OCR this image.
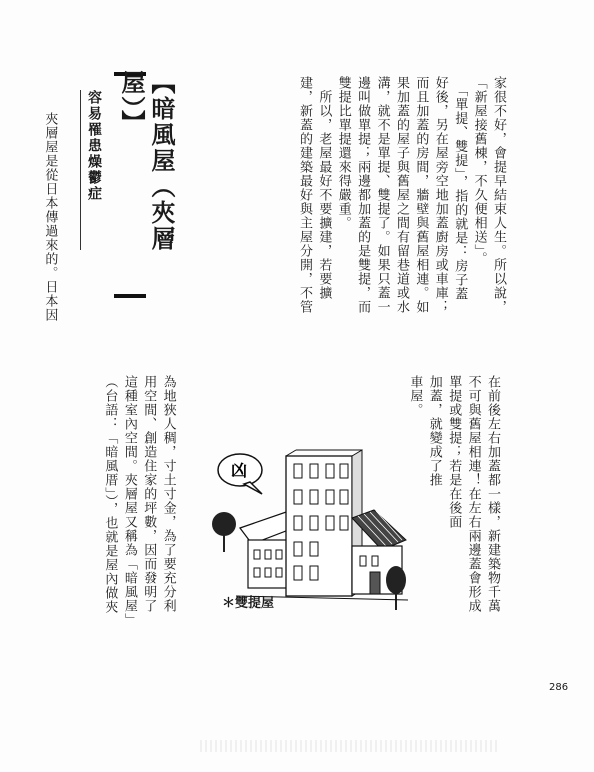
家很不好，會提早結束人生。所以說，
「新屋接舊棟，不久便相送」。
　「單提、雙提」，指的就是：房子蓋
好後，另在屋旁空地加蓋廚房或車庫；
而且加蓋的房間，牆壁與舊屋相連。如
果加蓋的屋子與舊屋之間有留巷道或水
溝，就不是單提、雙提了。如果只蓋一
邊叫做單提；兩邊都加蓋的是雙提，而
雙提比單提還來得嚴重。
　所以，老屋最好不要擴建，若要擴
建，新蓋的建築最好與主屋分開，不管
【暗風屋（夾層屋）】
容易罹患燥鬱症
夾層屋是從日本傳過來的。日本因
在前後左右加蓋都一樣，新建築物千萬
不可與舊屋相連！在左右兩邊蓋會形成
單提或雙提；若是在後面
加蓋，就變成了推
車屋。
為地狹人稠，寸土寸金，為了要充分利
用空間、創造住家的坪數，因而發明了
這種室內空間。夾層屋又稱為「暗風屋」
（台語：「暗風厝」），也就是屋內做夾	凶
＊雙提屋
286
